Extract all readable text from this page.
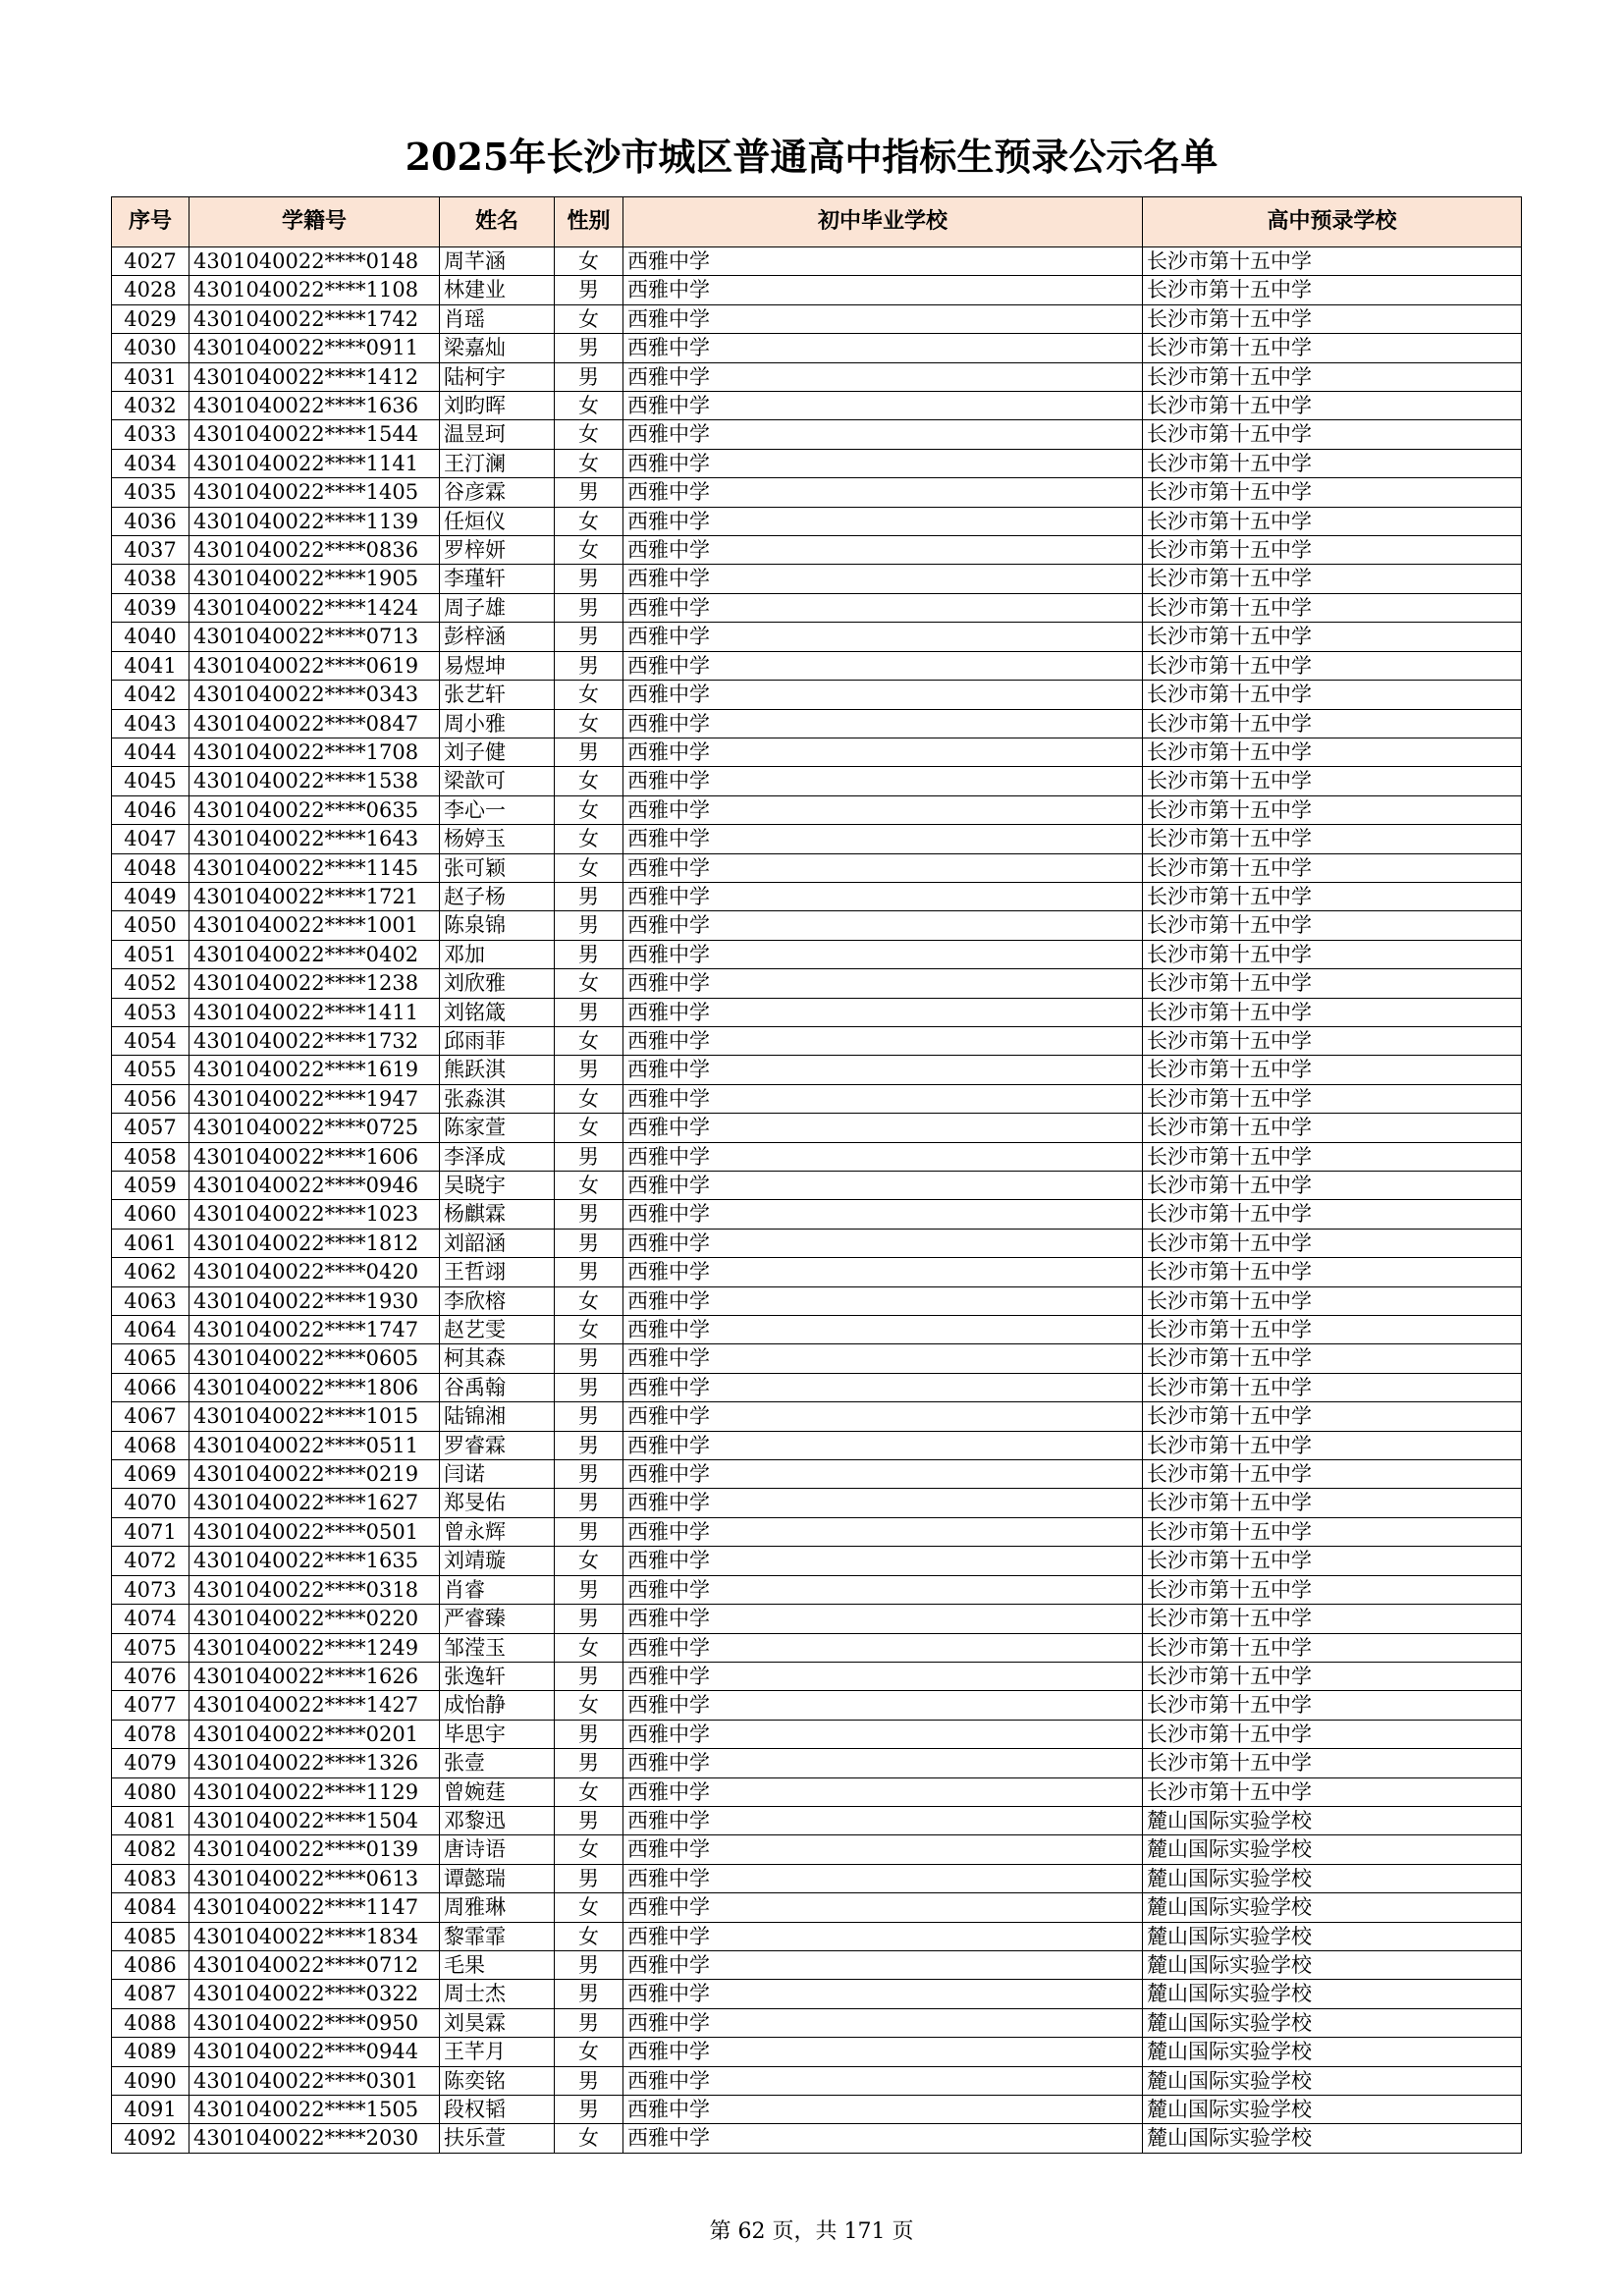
2025年长沙市城区普通高中指标生预录公示名单
序号	学籍号	姓名	性别	初中毕业学校	高中预录学校
4027	4301040022****0148	周芊涵	女	西雅中学	长沙市第十五中学
4028	4301040022****1108	林建业	男	西雅中学	长沙市第十五中学
4029	4301040022****1742	肖瑶	女	西雅中学	长沙市第十五中学
4030	4301040022****0911	梁嘉灿	男	西雅中学	长沙市第十五中学
4031	4301040022****1412	陆柯宇	男	西雅中学	长沙市第十五中学
4032	4301040022****1636	刘昀晖	女	西雅中学	长沙市第十五中学
4033	4301040022****1544	温昱珂	女	西雅中学	长沙市第十五中学
4034	4301040022****1141	王汀澜	女	西雅中学	长沙市第十五中学
4035	4301040022****1405	谷彦霖	男	西雅中学	长沙市第十五中学
4036	4301040022****1139	任烜仪	女	西雅中学	长沙市第十五中学
4037	4301040022****0836	罗梓妍	女	西雅中学	长沙市第十五中学
4038	4301040022****1905	李瑾轩	男	西雅中学	长沙市第十五中学
4039	4301040022****1424	周子雄	男	西雅中学	长沙市第十五中学
4040	4301040022****0713	彭梓涵	男	西雅中学	长沙市第十五中学
4041	4301040022****0619	易煜坤	男	西雅中学	长沙市第十五中学
4042	4301040022****0343	张艺轩	女	西雅中学	长沙市第十五中学
4043	4301040022****0847	周小雅	女	西雅中学	长沙市第十五中学
4044	4301040022****1708	刘子健	男	西雅中学	长沙市第十五中学
4045	4301040022****1538	梁歆可	女	西雅中学	长沙市第十五中学
4046	4301040022****0635	李心一	女	西雅中学	长沙市第十五中学
4047	4301040022****1643	杨婷玉	女	西雅中学	长沙市第十五中学
4048	4301040022****1145	张可颖	女	西雅中学	长沙市第十五中学
4049	4301040022****1721	赵子杨	男	西雅中学	长沙市第十五中学
4050	4301040022****1001	陈泉锦	男	西雅中学	长沙市第十五中学
4051	4301040022****0402	邓加	男	西雅中学	长沙市第十五中学
4052	4301040022****1238	刘欣雅	女	西雅中学	长沙市第十五中学
4053	4301040022****1411	刘铭箴	男	西雅中学	长沙市第十五中学
4054	4301040022****1732	邱雨菲	女	西雅中学	长沙市第十五中学
4055	4301040022****1619	熊跃淇	男	西雅中学	长沙市第十五中学
4056	4301040022****1947	张淼淇	女	西雅中学	长沙市第十五中学
4057	4301040022****0725	陈家萱	女	西雅中学	长沙市第十五中学
4058	4301040022****1606	李泽成	男	西雅中学	长沙市第十五中学
4059	4301040022****0946	吴晓宇	女	西雅中学	长沙市第十五中学
4060	4301040022****1023	杨麒霖	男	西雅中学	长沙市第十五中学
4061	4301040022****1812	刘韶涵	男	西雅中学	长沙市第十五中学
4062	4301040022****0420	王哲翊	男	西雅中学	长沙市第十五中学
4063	4301040022****1930	李欣榕	女	西雅中学	长沙市第十五中学
4064	4301040022****1747	赵艺雯	女	西雅中学	长沙市第十五中学
4065	4301040022****0605	柯其森	男	西雅中学	长沙市第十五中学
4066	4301040022****1806	谷禹翰	男	西雅中学	长沙市第十五中学
4067	4301040022****1015	陆锦湘	男	西雅中学	长沙市第十五中学
4068	4301040022****0511	罗睿霖	男	西雅中学	长沙市第十五中学
4069	4301040022****0219	闫诺	男	西雅中学	长沙市第十五中学
4070	4301040022****1627	郑旻佑	男	西雅中学	长沙市第十五中学
4071	4301040022****0501	曾永辉	男	西雅中学	长沙市第十五中学
4072	4301040022****1635	刘靖璇	女	西雅中学	长沙市第十五中学
4073	4301040022****0318	肖睿	男	西雅中学	长沙市第十五中学
4074	4301040022****0220	严睿臻	男	西雅中学	长沙市第十五中学
4075	4301040022****1249	邹滢玉	女	西雅中学	长沙市第十五中学
4076	4301040022****1626	张逸轩	男	西雅中学	长沙市第十五中学
4077	4301040022****1427	成怡静	女	西雅中学	长沙市第十五中学
4078	4301040022****0201	毕思宇	男	西雅中学	长沙市第十五中学
4079	4301040022****1326	张壹	男	西雅中学	长沙市第十五中学
4080	4301040022****1129	曾婉莛	女	西雅中学	长沙市第十五中学
4081	4301040022****1504	邓黎迅	男	西雅中学	麓山国际实验学校
4082	4301040022****0139	唐诗语	女	西雅中学	麓山国际实验学校
4083	4301040022****0613	谭懿瑞	男	西雅中学	麓山国际实验学校
4084	4301040022****1147	周雅琳	女	西雅中学	麓山国际实验学校
4085	4301040022****1834	黎霏霏	女	西雅中学	麓山国际实验学校
4086	4301040022****0712	毛果	男	西雅中学	麓山国际实验学校
4087	4301040022****0322	周士杰	男	西雅中学	麓山国际实验学校
4088	4301040022****0950	刘昊霖	男	西雅中学	麓山国际实验学校
4089	4301040022****0944	王芊月	女	西雅中学	麓山国际实验学校
4090	4301040022****0301	陈奕铭	男	西雅中学	麓山国际实验学校
4091	4301040022****1505	段权韬	男	西雅中学	麓山国际实验学校
4092	4301040022****2030	扶乐萱	女	西雅中学	麓山国际实验学校
第 62 页，共 171 页
